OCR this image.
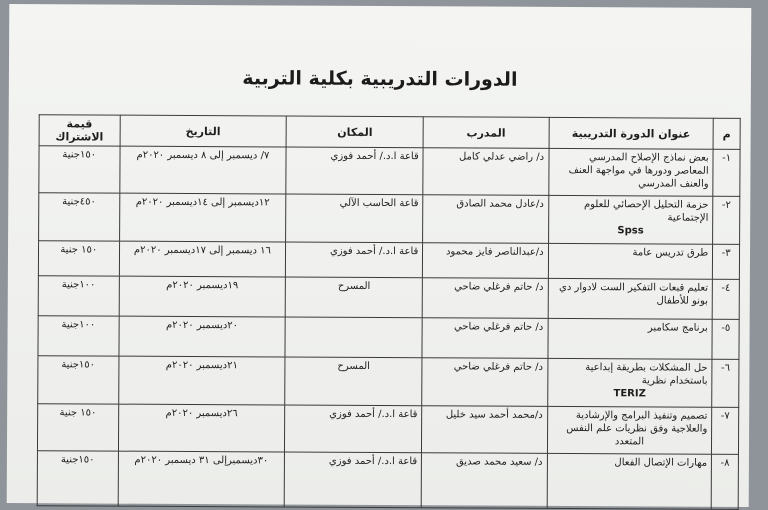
الدورات التدريبية بكلية التربية
م	عنوان الدورة التدريبية	المدرب	المكان	التاريخ	قيمة الاشتراك
١-	بعض نماذج الإصلاح المدرسي
المعاصر ودورها في مواجهة العنف
والعنف المدرسي	د/ راضي عدلي كامل	قاعة ا.د./ أحمد فوزي	٧/ ديسمبر إلى ٨ ديسمبر ٢٠٢٠م	١٥٠جنية
٢-	حزمة التحليل الإحصائي للعلوم
الإجتماعية
Spss	د/عادل محمد الصادق	قاعة الحاسب الآلي	١٢ديسمبر إلى ١٤ديسمبر ٢٠٢٠م	٤٥٠جنية
٣-	طرق تدريس عامة	د/عبدالناصر فايز محمود	قاعة ا.د./ أحمد فوزي	١٦ ديسمبر إلى ١٧ديسمبر ٢٠٢٠م	١٥٠ جنية
٤-	تعليم قبعات التفكير الست لادوار دي
بونو للأطفال	د/ حاتم فرغلي ضاحي	المسرح	١٩ديسمبر ٢٠٢٠م	١٠٠جنية
٥-	برنامج سكامبر	د/ حاتم فرغلي ضاحي		٢٠ديسمبر ٢٠٢٠م	١٠٠جنية
٦-	حل المشكلات بطريقة إبداعية
باستخدام نظرية
TERIZ	د/ حاتم فرغلي ضاحي	المسرح	٢١ديسمبر ٢٠٢٠م	١٥٠جنية
٧-	تصميم وتنفيذ البرامج والإرشادية
والعلاجية وفق نظريات علم النفس
المتعدد	د/محمد أحمد سيد خليل	قاعة ا.د./ أحمد فوزي	٢٦ديسمبر ٢٠٢٠م	١٥٠ جنية
٨-	مهارات الإتصال الفعال	د/ سعيد محمد صديق	قاعة ا.د./ أحمد فوزي	٣٠ديسمبرإلى ٣١ ديسمبر ٢٠٢٠م	١٥٠جنية
